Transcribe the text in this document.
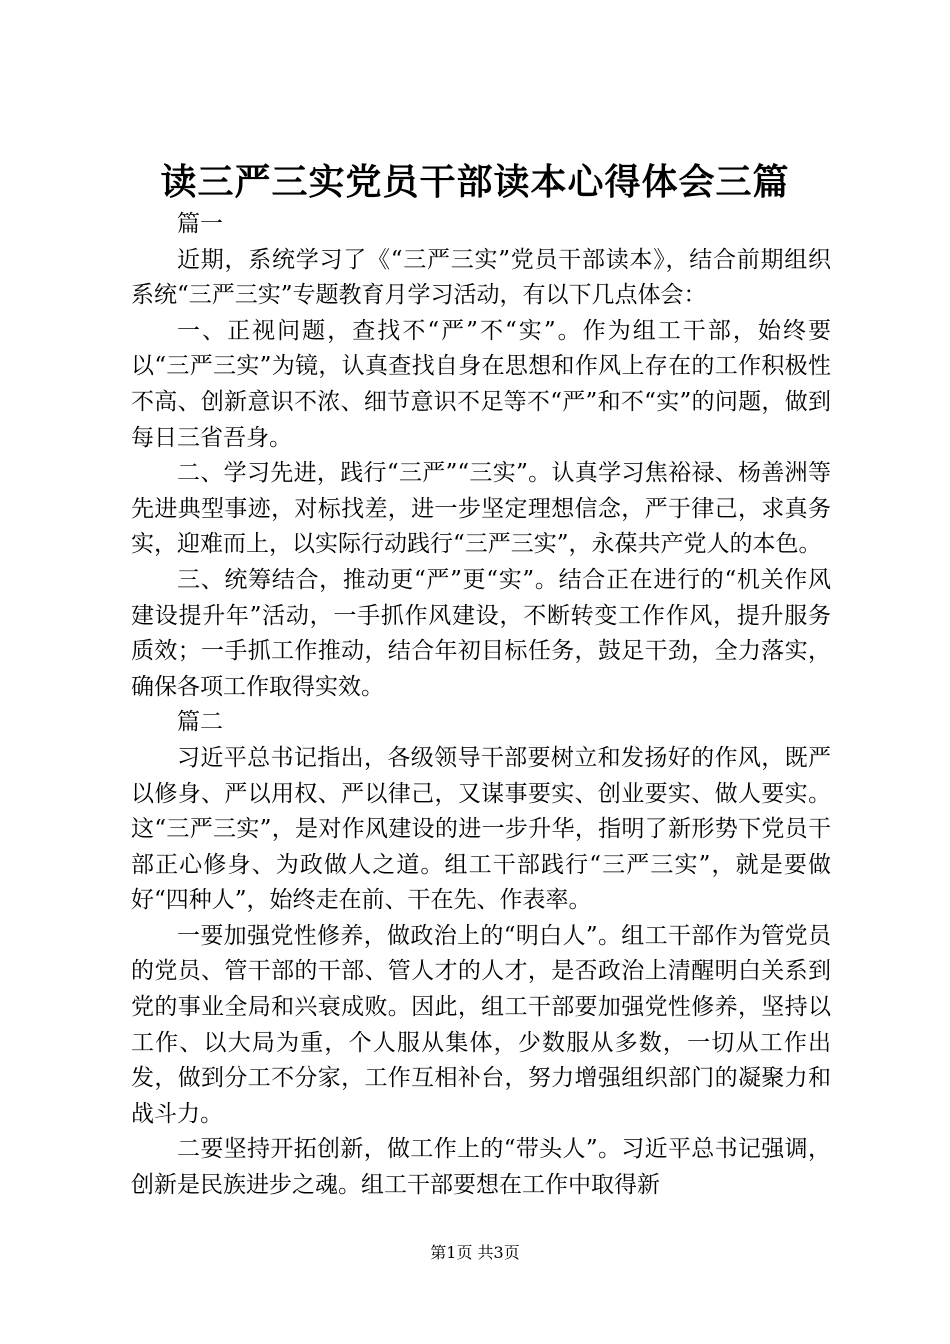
读三严三实党员干部读本心得体会三篇

篇一

近期，系统学习了《“三严三实”党员干部读本》，结合前期组织系统“三严三实”专题教育月学习活动，有以下几点体会：

一、正视问题，查找不“严”不“实”。作为组工干部，始终要以“三严三实”为镜，认真查找自身在思想和作风上存在的工作积极性不高、创新意识不浓、细节意识不足等不“严”和不“实”的问题，做到每日三省吾身。

二、学习先进，践行“三严”“三实”。认真学习焦裕禄、杨善洲等先进典型事迹，对标找差，进一步坚定理想信念，严于律己，求真务实，迎难而上，以实际行动践行“三严三实”，永葆共产党人的本色。

三、统筹结合，推动更“严”更“实”。结合正在进行的“机关作风建设提升年”活动，一手抓作风建设，不断转变工作作风，提升服务质效；一手抓工作推动，结合年初目标任务，鼓足干劲，全力落实，确保各项工作取得实效。

篇二

习近平总书记指出，各级领导干部要树立和发扬好的作风，既严以修身、严以用权、严以律己，又谋事要实、创业要实、做人要实。这“三严三实”，是对作风建设的进一步升华，指明了新形势下党员干部正心修身、为政做人之道。组工干部践行“三严三实”，就是要做好“四种人”，始终走在前、干在先、作表率。

一要加强党性修养，做政治上的“明白人”。组工干部作为管党员的党员、管干部的干部、管人才的人才，是否政治上清醒明白关系到党的事业全局和兴衰成败。因此，组工干部要加强党性修养，坚持以工作、以大局为重，个人服从集体，少数服从多数，一切从工作出发，做到分工不分家，工作互相补台，努力增强组织部门的凝聚力和战斗力。

二要坚持开拓创新，做工作上的“带头人”。习近平总书记强调，创新是民族进步之魂。组工干部要想在工作中取得新

第1页 共3页
